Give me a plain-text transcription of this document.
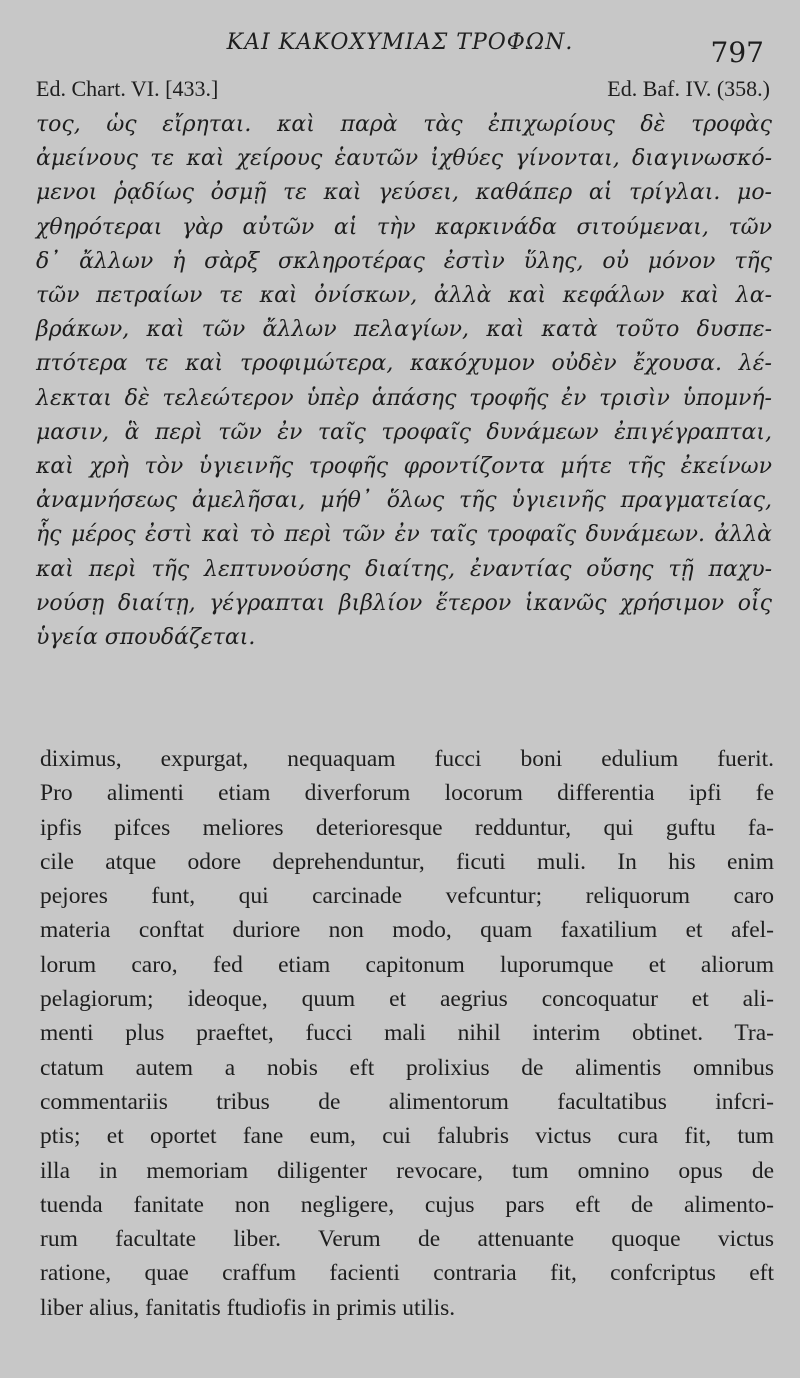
ΚΑΙ ΚΑΚΟΧΥΜΙΑΣ ΤΡΟΦΩΝ.	797
Ed. Chart. VI. [433.]	Ed. Baf. IV. (358.)
τος, ὡς εἴρηται. καὶ παρὰ τὰς ἐπιχωρίους δὲ τροφὰς
ἀμείνους τε καὶ χείρους ἑαυτῶν ἰχθύες γίνονται, διαγινωσκό-
μενοι ῥᾳδίως ὀσμῇ τε καὶ γεύσει, καθάπερ αἱ τρίγλαι. μο-
χθηρότεραι γὰρ αὐτῶν αἱ τὴν καρκινάδα σιτούμεναι, τῶν
δ᾽ ἄλλων ἡ σὰρξ σκληροτέρας ἐστὶν ὕλης, οὐ μόνον τῆς
τῶν πετραίων τε καὶ ὀνίσκων, ἀλλὰ καὶ κεφάλων καὶ λα-
βράκων, καὶ τῶν ἄλλων πελαγίων, καὶ κατὰ τοῦτο δυσπε-
πτότερα τε καὶ τροφιμώτερα, κακόχυμον οὐδὲν ἔχουσα. λέ-
λεκται δὲ τελεώτερον ὑπὲρ ἁπάσης τροφῆς ἐν τρισὶν ὑπομνή-
μασιν, ἃ περὶ τῶν ἐν ταῖς τροφαῖς δυνάμεων ἐπιγέγραπται,
καὶ χρὴ τὸν ὑγιεινῆς τροφῆς φροντίζοντα μήτε τῆς ἐκείνων
ἀναμνήσεως ἀμελῆσαι, μήθ᾽ ὅλως τῆς ὑγιεινῆς πραγματείας,
ἧς μέρος ἐστὶ καὶ τὸ περὶ τῶν ἐν ταῖς τροφαῖς δυνάμεων. ἀλλὰ
καὶ περὶ τῆς λεπτυνούσης διαίτης, ἐναντίας οὔσης τῇ παχυ-
νούσῃ διαίτῃ, γέγραπται βιβλίον ἕτερον ἱκανῶς χρήσιμον οἷς
ὑγεία σπουδάζεται.
diximus, expurgat, nequaquam fucci boni edulium fuerit.
Pro alimenti etiam diverforum locorum differentia ipfi fe
ipfis pifces meliores deterioresque redduntur, qui guftu fa-
cile atque odore deprehenduntur, ficuti muli. In his enim
pejores funt, qui carcinade vefcuntur; reliquorum caro
materia conftat duriore non modo, quam faxatilium et afel-
lorum caro, fed etiam capitonum luporumque et aliorum
pelagiorum; ideoque, quum et aegrius concoquatur et ali-
menti plus praeftet, fucci mali nihil interim obtinet. Tra-
ctatum autem a nobis eft prolixius de alimentis omnibus
commentariis tribus de alimentorum facultatibus infcri-
ptis; et oportet fane eum, cui falubris victus cura fit, tum
illa in memoriam diligenter revocare, tum omnino opus de
tuenda fanitate non negligere, cujus pars eft de alimento-
rum facultate liber. Verum de attenuante quoque victus
ratione, quae craffum facienti contraria fit, confcriptus eft
liber alius, fanitatis ftudiofis in primis utilis.
